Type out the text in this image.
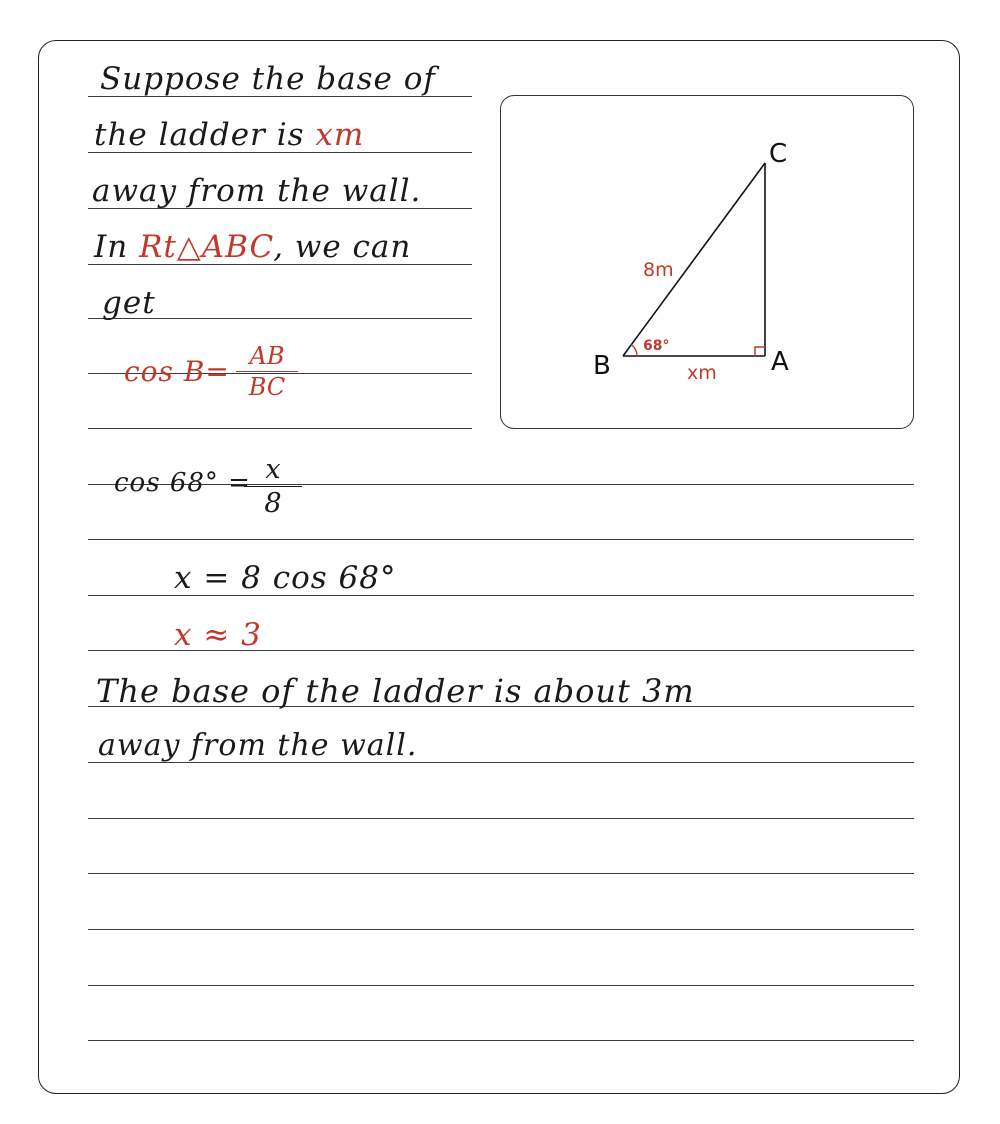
Suppose the base of
the ladder is xm
away from the wall.
In Rt△ABC, we can
get
cos B= AB
BC
cos 68° = x
8
x = 8 cos 68°
x ≈ 3
The base of the ladder is about 3m
away from the wall.
C
B	A
8m
68°
xm
